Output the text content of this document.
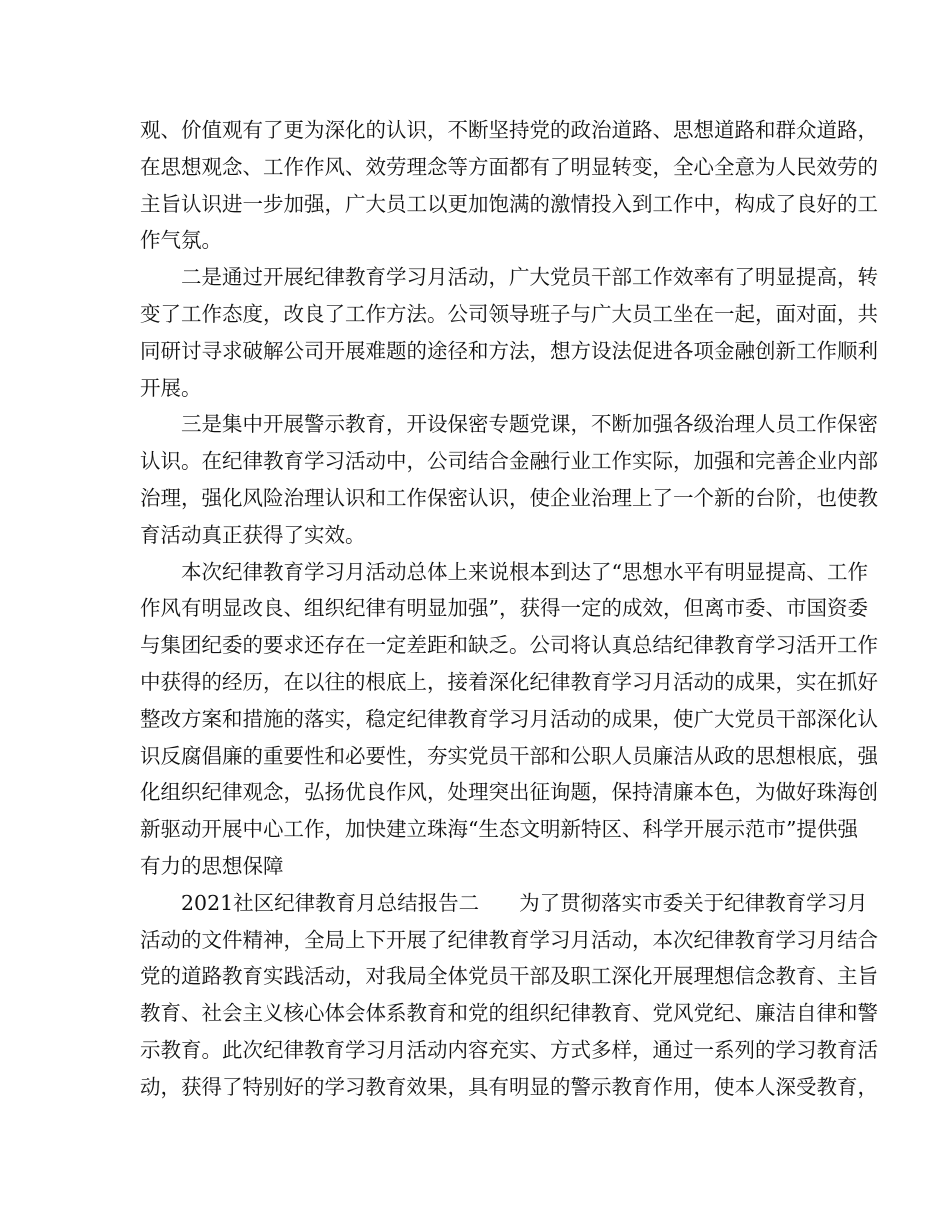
观、价值观有了更为深化的认识，不断坚持党的政治道路、思想道路和群众道路，
在思想观念、工作作风、效劳理念等方面都有了明显转变，全心全意为人民效劳的
主旨认识进一步加强，广大员工以更加饱满的激情投入到工作中，构成了良好的工
作气氛。
二是通过开展纪律教育学习月活动，广大党员干部工作效率有了明显提高，转
变了工作态度，改良了工作方法。公司领导班子与广大员工坐在一起，面对面，共
同研讨寻求破解公司开展难题的途径和方法，想方设法促进各项金融创新工作顺利
开展。
三是集中开展警示教育，开设保密专题党课，不断加强各级治理人员工作保密
认识。在纪律教育学习活动中，公司结合金融行业工作实际，加强和完善企业内部
治理，强化风险治理认识和工作保密认识，使企业治理上了一个新的台阶，也使教
育活动真正获得了实效。
本次纪律教育学习月活动总体上来说根本到达了“思想水平有明显提高、工作
作风有明显改良、组织纪律有明显加强”，获得一定的成效，但离市委、市国资委
与集团纪委的要求还存在一定差距和缺乏。公司将认真总结纪律教育学习活开工作
中获得的经历，在以往的根底上，接着深化纪律教育学习月活动的成果，实在抓好
整改方案和措施的落实，稳定纪律教育学习月活动的成果，使广大党员干部深化认
识反腐倡廉的重要性和必要性，夯实党员干部和公职人员廉洁从政的思想根底，强
化组织纪律观念，弘扬优良作风，处理突出征询题，保持清廉本色，为做好珠海创
新驱动开展中心工作，加快建立珠海“生态文明新特区、科学开展示范市”提供强
有力的思想保障
2021社区纪律教育月总结报告二 为了贯彻落实市委关于纪律教育学习月
活动的文件精神，全局上下开展了纪律教育学习月活动，本次纪律教育学习月结合
党的道路教育实践活动，对我局全体党员干部及职工深化开展理想信念教育、主旨
教育、社会主义核心体会体系教育和党的组织纪律教育、党风党纪、廉洁自律和警
示教育。此次纪律教育学习月活动内容充实、方式多样，通过一系列的学习教育活
动，获得了特别好的学习教育效果，具有明显的警示教育作用，使本人深受教育，
